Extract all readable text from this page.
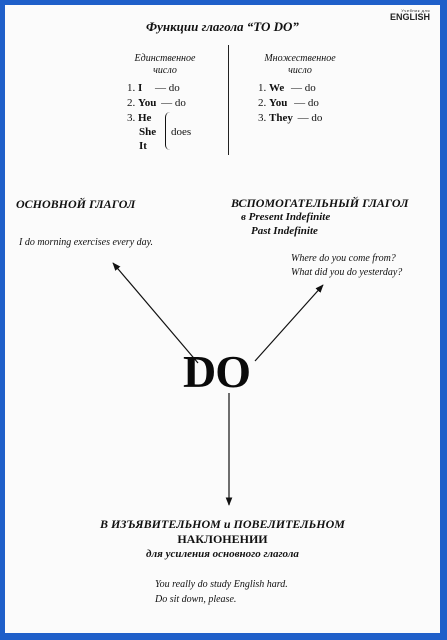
Учебник для
ENGLISH
Функции глагола “TO DO”
Единственное
число
1. I — do
2. You — do
3. He
She
It
does
Множественное
число
1. We — do
2. You — do
3. They — do
ОСНОВНОЙ ГЛАГОЛ
I do morning exercises every day.
ВСПОМОГАТЕЛЬНЫЙ ГЛАГОЛ
в Present Indefinite
Past Indefinite
Where do you come from?
What did you do yesterday?
DO
В ИЗЪЯВИТЕЛЬНОМ и ПОВЕЛИТЕЛЬНОМ
НАКЛОНЕНИИ
для усиления основного глагола
You really do study English hard.
Do sit down, please.
